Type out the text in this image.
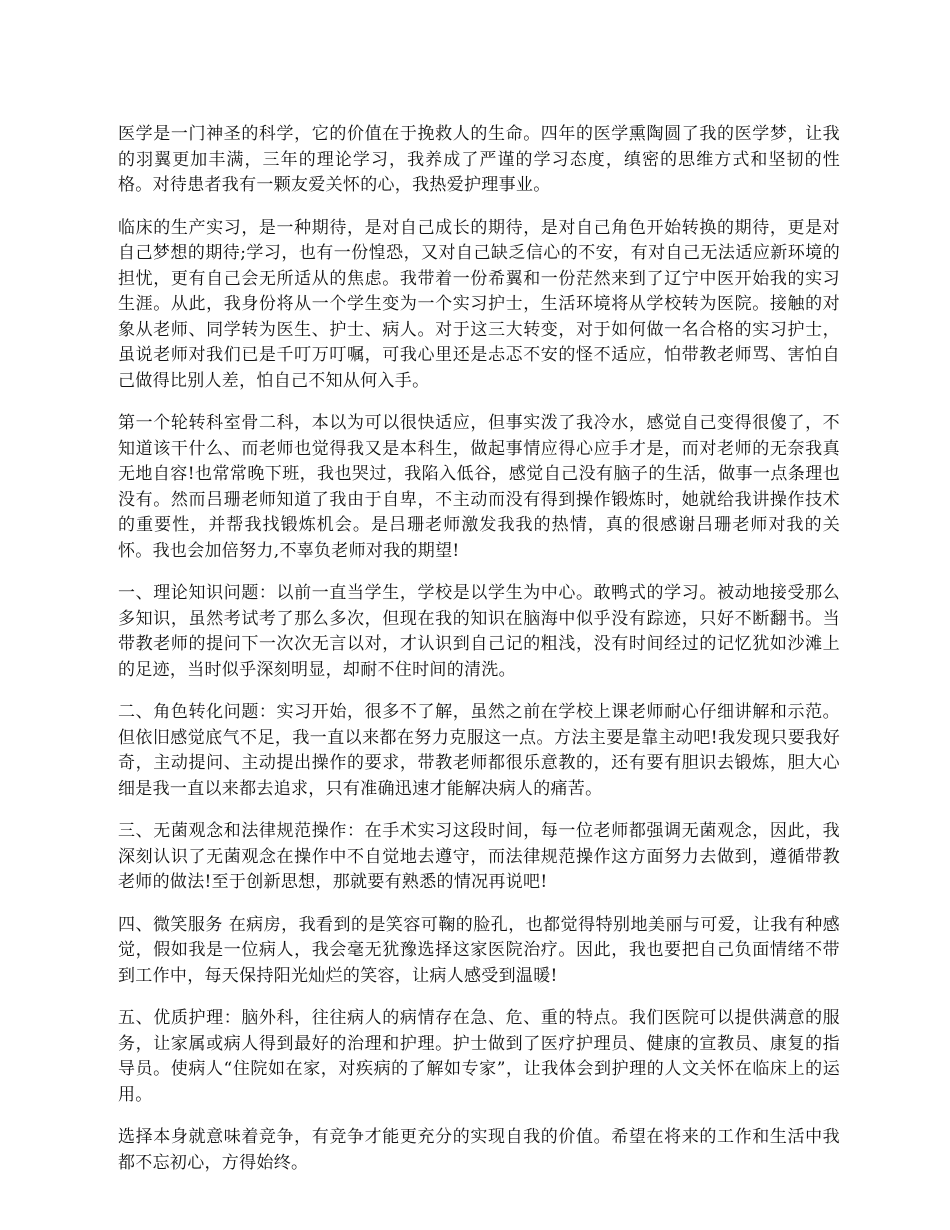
医学是一门神圣的科学，它的价值在于挽救人的生命。四年的医学熏陶圆了我的医学梦，让我的羽翼更加丰满，三年的理论学习，我养成了严谨的学习态度，缜密的思维方式和坚韧的性格。对待患者我有一颗友爱关怀的心，我热爱护理事业。

临床的生产实习，是一种期待，是对自己成长的期待，是对自己角色开始转换的期待，更是对自己梦想的期待;学习，也有一份惶恐，又对自己缺乏信心的不安，有对自己无法适应新环境的担忧，更有自己会无所适从的焦虑。我带着一份希翼和一份茫然来到了辽宁中医开始我的实习生涯。从此，我身份将从一个学生变为一个实习护士，生活环境将从学校转为医院。接触的对象从老师、同学转为医生、护士、病人。对于这三大转变，对于如何做一名合格的实习护士，虽说老师对我们已是千叮万叮嘱，可我心里还是忐忑不安的怪不适应，怕带教老师骂、害怕自己做得比别人差，怕自己不知从何入手。

第一个轮转科室骨二科，本以为可以很快适应，但事实泼了我冷水，感觉自己变得很傻了，不知道该干什么、而老师也觉得我又是本科生，做起事情应得心应手才是，而对老师的无奈我真无地自容!也常常晚下班，我也哭过，我陷入低谷，感觉自己没有脑子的生活，做事一点条理也没有。然而吕珊老师知道了我由于自卑，不主动而没有得到操作锻炼时，她就给我讲操作技术的重要性，并帮我找锻炼机会。是吕珊老师激发我我的热情，真的很感谢吕珊老师对我的关怀。我也会加倍努力,不辜负老师对我的期望!

一、理论知识问题：以前一直当学生，学校是以学生为中心。敢鸭式的学习。被动地接受那么多知识，虽然考试考了那么多次，但现在我的知识在脑海中似乎没有踪迹，只好不断翻书。当带教老师的提问下一次次无言以对，才认识到自己记的粗浅，没有时间经过的记忆犹如沙滩上的足迹，当时似乎深刻明显，却耐不住时间的清洗。

二、角色转化问题：实习开始，很多不了解，虽然之前在学校上课老师耐心仔细讲解和示范。但依旧感觉底气不足，我一直以来都在努力克服这一点。方法主要是靠主动吧!我发现只要我好奇，主动提问、主动提出操作的要求，带教老师都很乐意教的，还有要有胆识去锻炼，胆大心细是我一直以来都去追求，只有准确迅速才能解决病人的痛苦。

三、无菌观念和法律规范操作：在手术实习这段时间，每一位老师都强调无菌观念，因此，我深刻认识了无菌观念在操作中不自觉地去遵守，而法律规范操作这方面努力去做到，遵循带教老师的做法!至于创新思想，那就要有熟悉的情况再说吧!

四、微笑服务 在病房，我看到的是笑容可鞠的脸孔，也都觉得特别地美丽与可爱，让我有种感觉，假如我是一位病人，我会毫无犹豫选择这家医院治疗。因此，我也要把自己负面情绪不带到工作中，每天保持阳光灿烂的笑容，让病人感受到温暖!

五、优质护理：脑外科，往往病人的病情存在急、危、重的特点。我们医院可以提供满意的服务，让家属或病人得到最好的治理和护理。护士做到了医疗护理员、健康的宣教员、康复的指导员。使病人“住院如在家，对疾病的了解如专家”，让我体会到护理的人文关怀在临床上的运用。

选择本身就意味着竞争，有竞争才能更充分的实现自我的价值。希望在将来的工作和生活中我都不忘初心，方得始终。
